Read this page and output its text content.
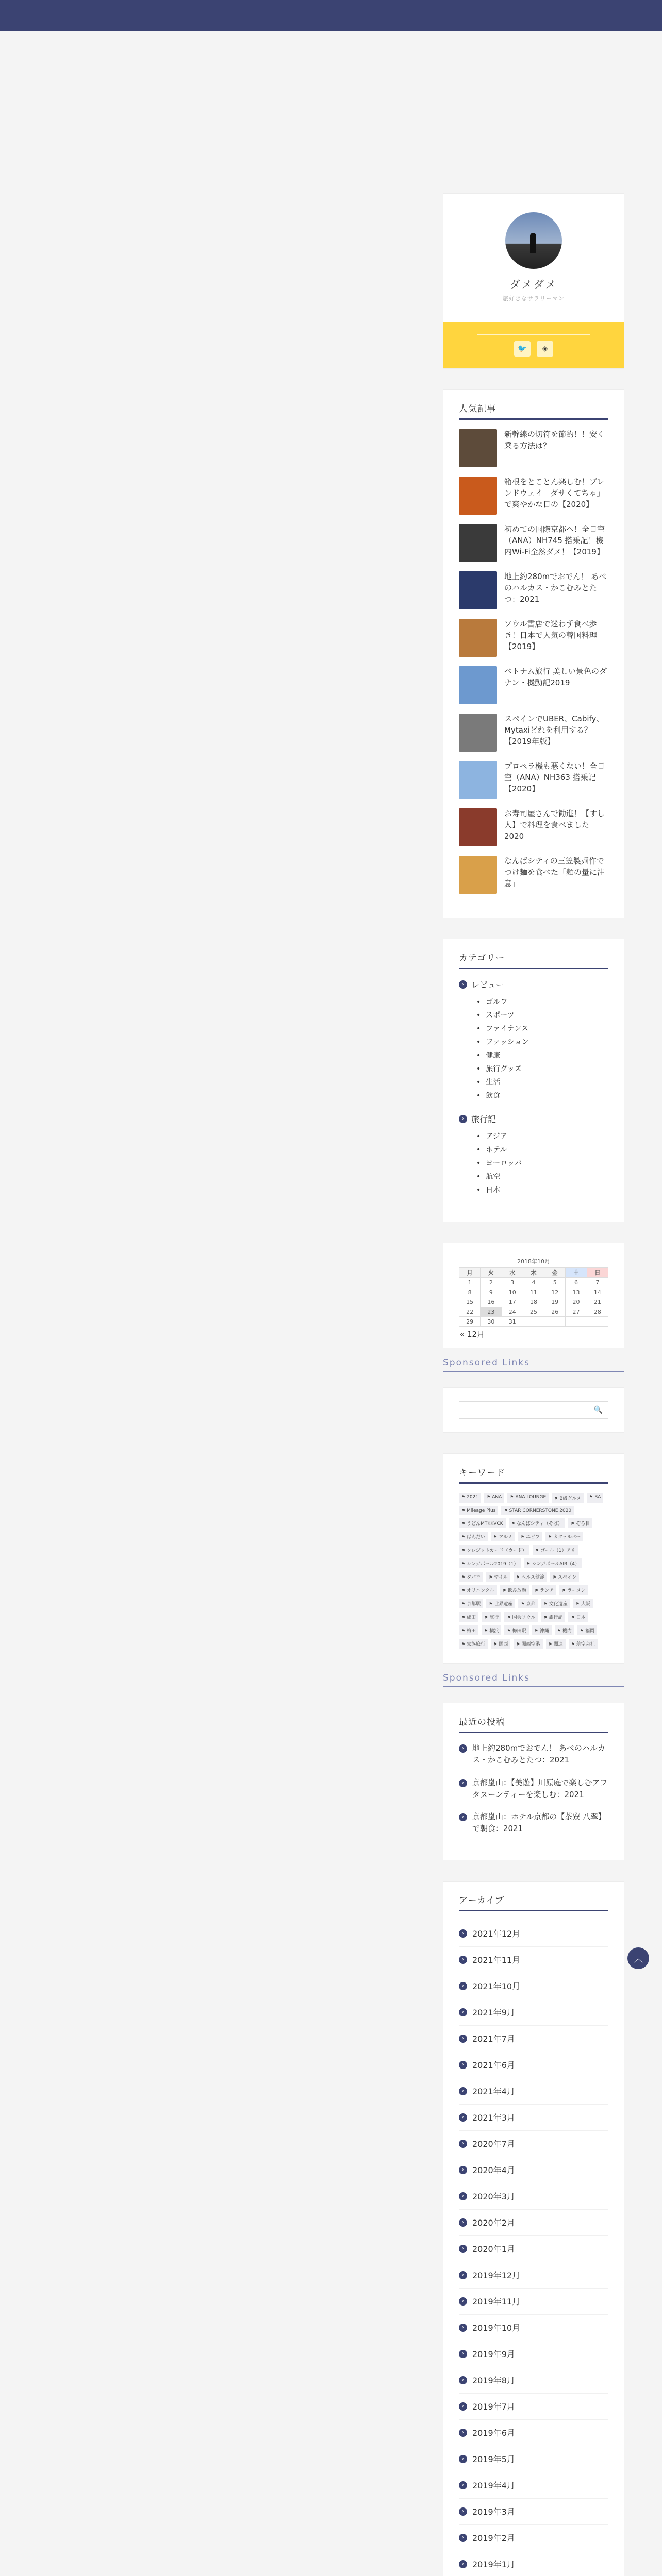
ダメダメ
旅好きなサラリーマン
🐦	◈
人気記事
新幹線の切符を節約！！安く乗る方法は？
箱根をとことん楽しむ！ブレンドウェイ「ダサくてちゃ」で爽やかな日の【2020】
初めての国際京都へ！全日空（ANA）NH745 搭乗記！機内Wi-Fi全然ダメ！【2019】
地上約280mでおでん！ あべのハルカス・かこむみとたつ：2021
ソウル書店で迷わず食べ歩き！日本で人気の韓国料理【2019】
ベトナム旅行 美しい景色のダナン・機動記2019
スペインでUBER、Cabify、Mytaxiどれを利用する？【2019年版】
プロペラ機も悪くない！全日空（ANA）NH363 搭乗記【2020】
お寿司屋さんで勧進！【すし人】で料理を食べました 2020
なんばシティの三笠製麺作でつけ麺を食べた「麺の量に注意」
カテゴリー
› レビュー
• ゴルフ
• スポーツ
• ファイナンス
• ファッション
• 健康
• 旅行グッズ
• 生活
• 飲食
› 旅行記
• アジア
• ホテル
• ヨーロッパ
• 航空
• 日本
2018年10月
月	火	水	木	金	土	日
1	2	3	4	5	6	7
8	9	10	11	12	13	14
15	16	17	18	19	20	21
22	23	24	25	26	27	28
29	30	31				
« 12月
Sponsored Links
🔍
キーワード
⚑ 2021	⚑ ANA	⚑ ANA LOUNGE	⚑ B級グルメ	⚑ BA
⚑ Mileage Plus	⚑ STAR CORNERSTONE 2020
⚑ うどんMTKKVCK	⚑ なんばシティ（そば）	⚑ ぞろ目
⚑ ばんだい	⚑ アルミ	⚑ エビフ	⚑ カクテルバー
⚑ クレジットカード（カード）	⚑ ゴール（1）アリ
⚑ シンガポール2019（1）	⚑ シンガポールAIR（4）
⚑ タバコ	⚑ マイル	⚑ ヘルス健診	⚑ スペイン
⚑ オリエンタル	⚑ 飲み放題	⚑ ランチ	⚑ ラーメン
⚑ 京都駅	⚑ 世界遺産	⚑ 京都	⚑ 文化遺産	⚑ 大阪
⚑ 成田	⚑ 旅行	⚑ 国会ソウル	⚑ 旅行記	⚑ 日本
⚑ 梅田	⚑ 横浜	⚑ 梅田駅	⚑ 沖縄	⚑ 機内	⚑ 福岡
⚑ 家族旅行	⚑ 関西	⚑ 関西空港	⚑ 関連	⚑ 航空会社
Sponsored Links
最近の投稿
›	地上約280mでおでん！ あべのハルカス・かこむみとたつ：2021
›	京都嵐山：【美遊】川原庭で楽しむアフタヌーンティーを楽しむ：2021
›	京都嵐山：ホテル京都の【茶寮 八翠】で朝食：2021
アーカイブ
›	2021年12月
›	2021年11月
›	2021年10月
›	2021年9月
›	2021年7月
›	2021年6月
›	2021年4月
›	2021年3月
›	2020年7月
›	2020年4月
›	2020年3月
›	2020年2月
›	2020年1月
›	2019年12月
›	2019年11月
›	2019年10月
›	2019年9月
›	2019年8月
›	2019年7月
›	2019年6月
›	2019年5月
›	2019年4月
›	2019年3月
›	2019年2月
›	2019年1月
︿
